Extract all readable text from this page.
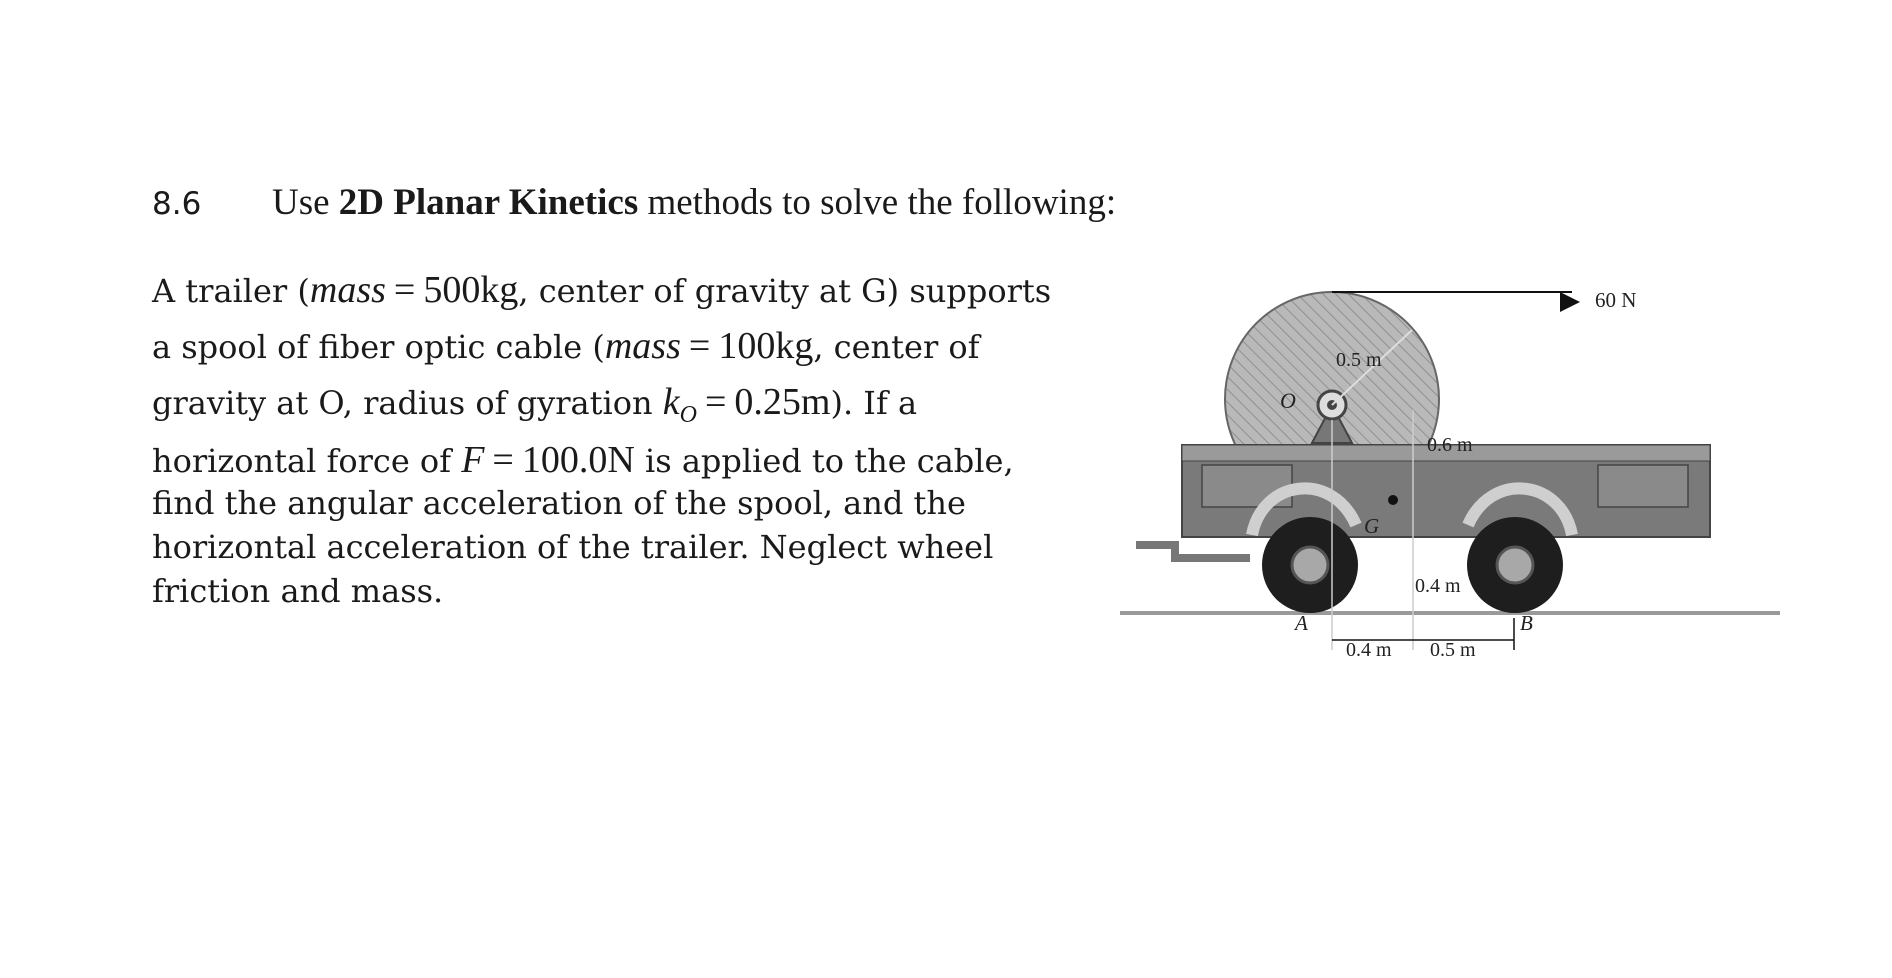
8.6 Use 2D Planar Kinetics methods to solve the following:
A trailer (mass = 500kg, center of gravity at G) supports
a spool of fiber optic cable (mass = 100kg, center of
gravity at O, radius of gyration $k_O = 0.25m$). If a
horizontal force of F = 100.0N is applied to the cable,
find the angular acceleration of the spool, and the
horizontal acceleration of the trailer. Neglect wheel
friction and mass.
60 N
0.5 m
0.6 m
0.4 m
0.4 m 0.5 m
O
G
A	B
